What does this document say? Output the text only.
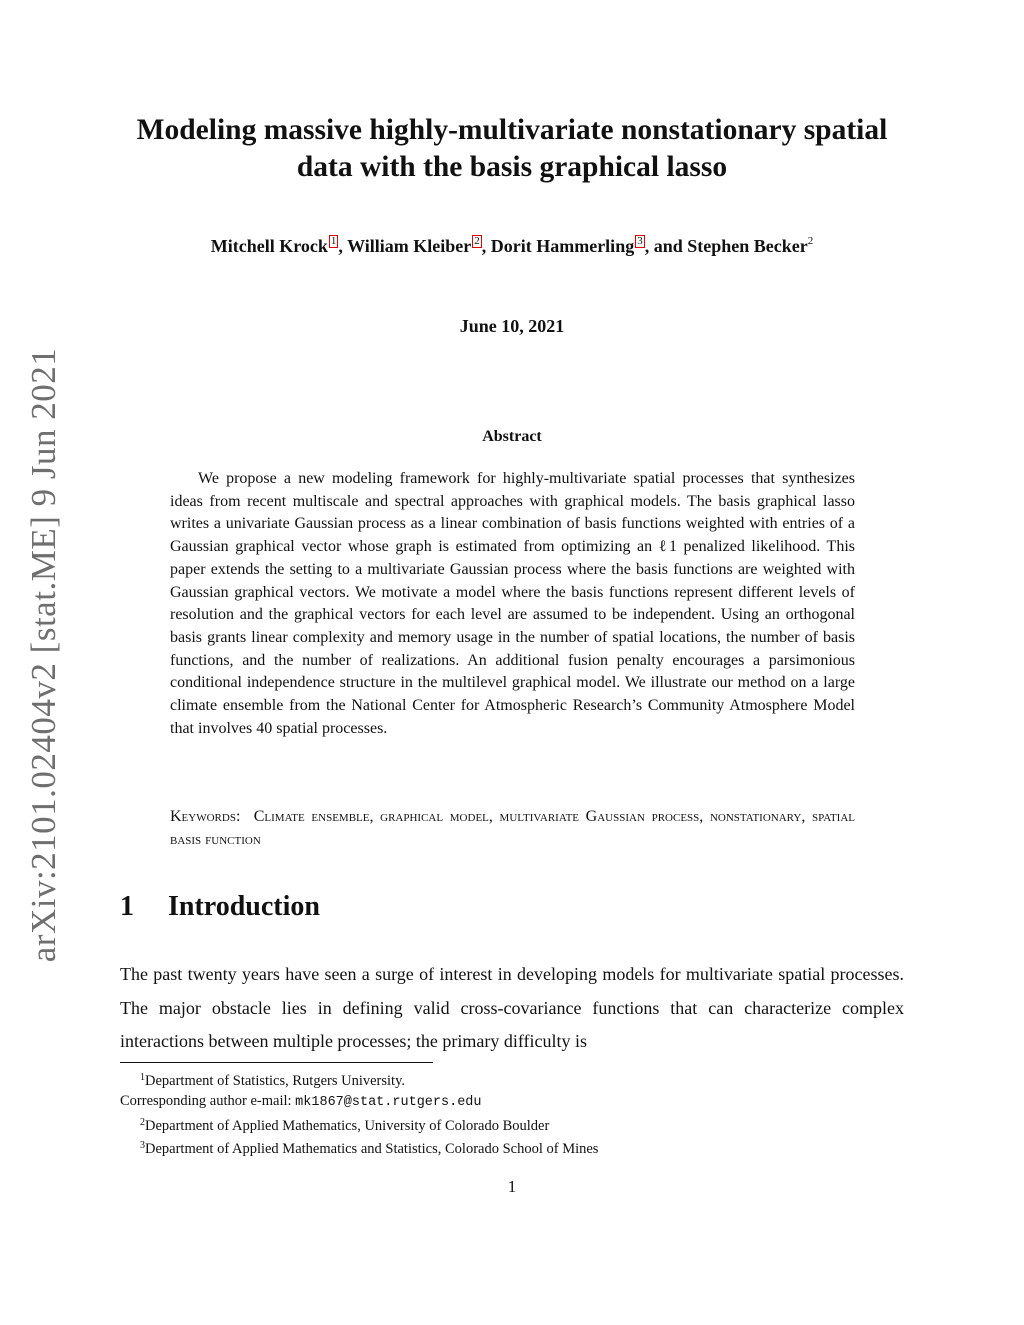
arXiv:2101.02404v2 [stat.ME] 9 Jun 2021
Modeling massive highly-multivariate nonstationary spatial data with the basis graphical lasso
Mitchell Krock 1 , William Kleiber 2 , Dorit Hammerling 3 , and Stephen Becker$^2$
June 10, 2021
Abstract

We propose a new modeling framework for highly-multivariate spatial processes that synthesizes ideas from recent multiscale and spectral approaches with graphical models. The basis graphical lasso writes a univariate Gaussian process as a linear combination of basis functions weighted with entries of a Gaussian graphical vector whose graph is estimated from optimizing an ℓ1 penalized likelihood. This paper extends the setting to a multivariate Gaussian process where the basis functions are weighted with Gaussian graphical vectors. We motivate a model where the basis functions represent different levels of resolution and the graphical vectors for each level are assumed to be independent. Using an orthogonal basis grants linear complexity and memory usage in the number of spatial locations, the number of basis functions, and the number of realizations. An additional fusion penalty encourages a parsimonious conditional independence structure in the multilevel graphical model. We illustrate our method on a large climate ensemble from the National Center for Atmospheric Research’s Community Atmosphere Model that involves 40 spatial processes.

Keywords: Climate ensemble, graphical model, multivariate Gaussian process, nonstationary, spatial basis function

1 Introduction

The past twenty years have seen a surge of interest in developing models for multivariate spatial processes. The major obstacle lies in defining valid cross-covariance functions that can characterize complex interactions between multiple processes; the primary difficulty is

$^1$Department of Statistics, Rutgers University.
Corresponding author e-mail: mk1867@stat.rutgers.edu
$^2$Department of Applied Mathematics, University of Colorado Boulder
$^3$Department of Applied Mathematics and Statistics, Colorado School of Mines
1
